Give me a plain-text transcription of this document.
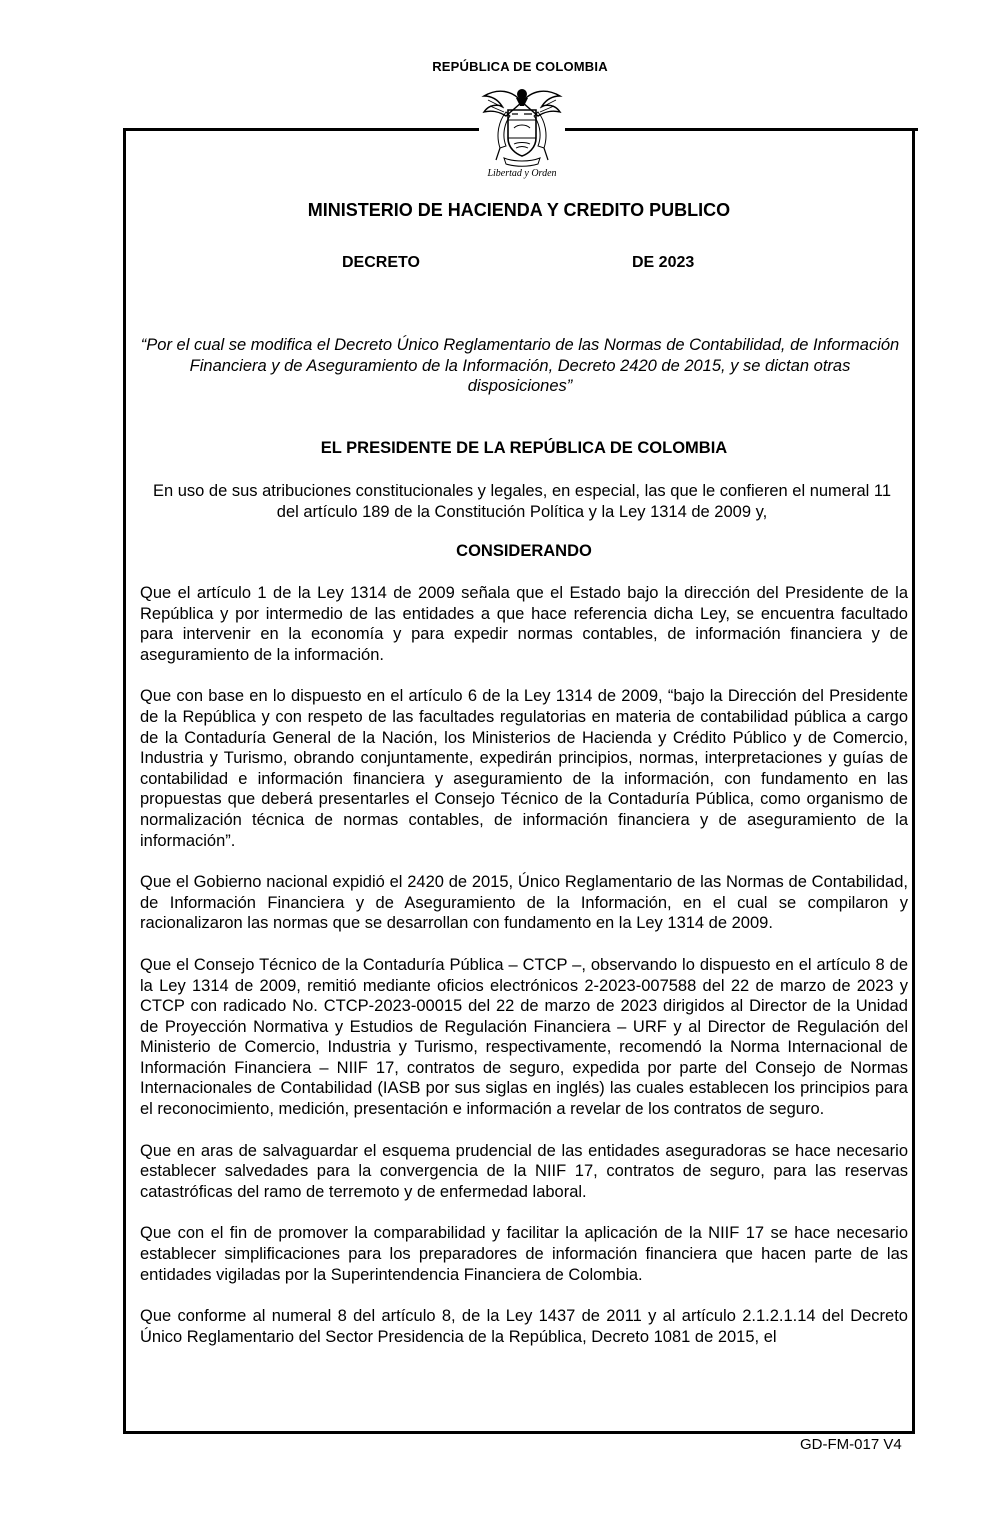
REPÚBLICA DE COLOMBIA
Libertad y Orden
MINISTERIO DE HACIENDA Y CREDITO PUBLICO
DECRETO	DE 2023
“Por el cual se modifica el Decreto Único Reglamentario de las Normas de Contabilidad, de Información Financiera y de Aseguramiento de la Información, Decreto 2420 de 2015, y se dictan otras disposiciones”
EL PRESIDENTE DE LA REPÚBLICA DE COLOMBIA
En uso de sus atribuciones constitucionales y legales, en especial, las que le confieren el numeral 11 del artículo 189 de la Constitución Política y la Ley 1314 de 2009 y,
CONSIDERANDO

Que el artículo 1 de la Ley 1314 de 2009 señala que el Estado bajo la dirección del Presidente de la República y por intermedio de las entidades a que hace referencia dicha Ley, se encuentra facultado para intervenir en la economía y para expedir normas contables, de información financiera y de aseguramiento de la información.

Que con base en lo dispuesto en el artículo 6 de la Ley 1314 de 2009, “bajo la Dirección del Presidente de la República y con respeto de las facultades regulatorias en materia de contabilidad pública a cargo de la Contaduría General de la Nación, los Ministerios de Hacienda y Crédito Público y de Comercio, Industria y Turismo, obrando conjuntamente, expedirán principios, normas, interpretaciones y guías de contabilidad e información financiera y aseguramiento de la información, con fundamento en las propuestas que deberá presentarles el Consejo Técnico de la Contaduría Pública, como organismo de normalización técnica de normas contables, de información financiera y de aseguramiento de la información”.

Que el Gobierno nacional expidió el 2420 de 2015, Único Reglamentario de las Normas de Contabilidad, de Información Financiera y de Aseguramiento de la Información, en el cual se compilaron y racionalizaron las normas que se desarrollan con fundamento en la Ley 1314 de 2009.

Que el Consejo Técnico de la Contaduría Pública – CTCP –, observando lo dispuesto en el artículo 8 de la Ley 1314 de 2009, remitió mediante oficios electrónicos 2-2023-007588 del 22 de marzo de 2023 y CTCP con radicado No. CTCP-2023-00015 del 22 de marzo de 2023 dirigidos al Director de la Unidad de Proyección Normativa y Estudios de Regulación Financiera – URF y al Director de Regulación del Ministerio de Comercio, Industria y Turismo, respectivamente, recomendó la Norma Internacional de Información Financiera – NIIF 17, contratos de seguro, expedida por parte del Consejo de Normas Internacionales de Contabilidad (IASB por sus siglas en inglés) las cuales establecen los principios para el reconocimiento, medición, presentación e información a revelar de los contratos de seguro.

Que en aras de salvaguardar el esquema prudencial de las entidades aseguradoras se hace necesario establecer salvedades para la convergencia de la NIIF 17, contratos de seguro, para las reservas catastróficas del ramo de terremoto y de enfermedad laboral.

Que con el fin de promover la comparabilidad y facilitar la aplicación de la NIIF 17 se hace necesario establecer simplificaciones para los preparadores de información financiera que hacen parte de las entidades vigiladas por la Superintendencia Financiera de Colombia.

Que conforme al numeral 8 del artículo 8, de la Ley 1437 de 2011 y al artículo 2.1.2.1.14 del Decreto Único Reglamentario del Sector Presidencia de la República, Decreto 1081 de 2015, el

GD-FM-017 V4
